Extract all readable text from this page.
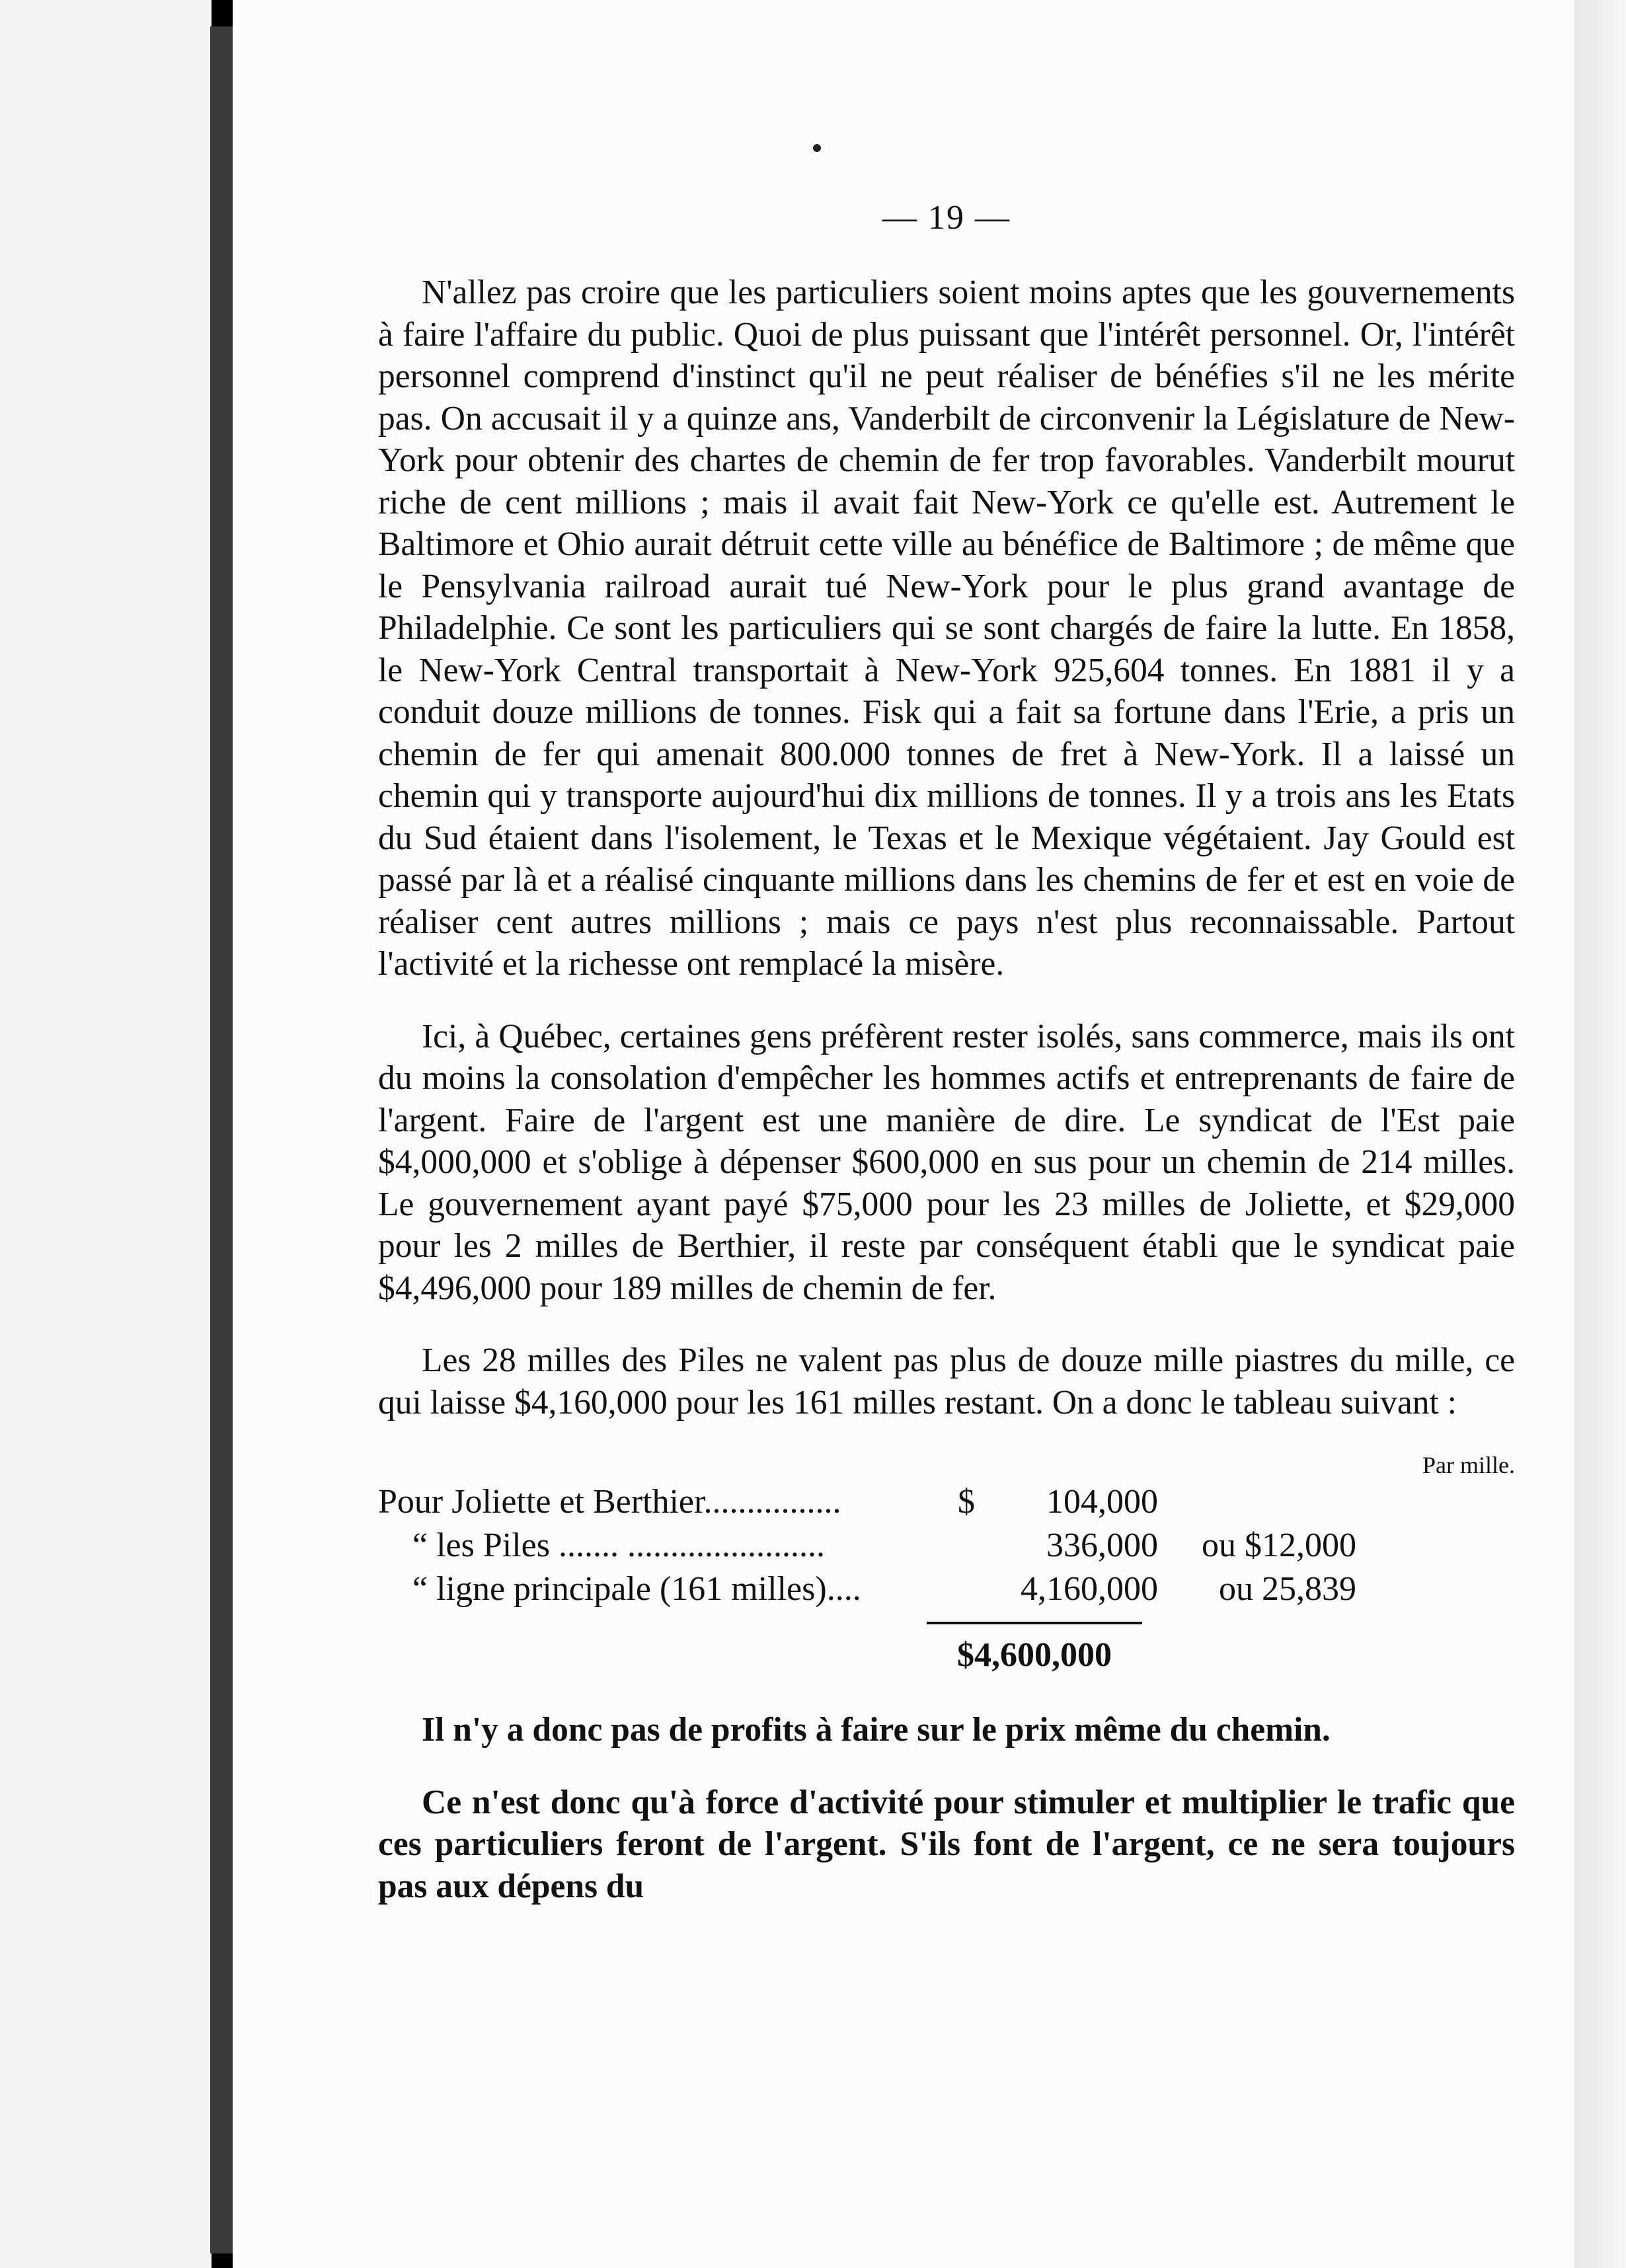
— 19 —

N'allez pas croire que les particuliers soient moins aptes que les gouvernements à faire l'affaire du public. Quoi de plus puissant que l'intérêt personnel. Or, l'intérêt personnel comprend d'instinct qu'il ne peut réaliser de bénéfies s'il ne les mérite pas. On accusait il y a quinze ans, Vanderbilt de circonvenir la Législature de New-York pour obtenir des chartes de chemin de fer trop favorables. Vanderbilt mourut riche de cent millions ; mais il avait fait New-York ce qu'elle est. Autrement le Baltimore et Ohio aurait détruit cette ville au bénéfice de Baltimore ; de même que le Pensylvania railroad aurait tué New-York pour le plus grand avantage de Philadelphie. Ce sont les particuliers qui se sont chargés de faire la lutte. En 1858, le New-York Central transportait à New-York 925,604 tonnes. En 1881 il y a conduit douze millions de tonnes. Fisk qui a fait sa fortune dans l'Erie, a pris un chemin de fer qui amenait 800.000 tonnes de fret à New-York. Il a laissé un chemin qui y transporte aujourd'hui dix millions de tonnes. Il y a trois ans les Etats du Sud étaient dans l'isolement, le Texas et le Mexique végétaient. Jay Gould est passé par là et a réalisé cinquante millions dans les chemins de fer et est en voie de réaliser cent autres millions ; mais ce pays n'est plus reconnaissable. Partout l'activité et la richesse ont remplacé la misère.

Ici, à Québec, certaines gens préfèrent rester isolés, sans commerce, mais ils ont du moins la consolation d'empêcher les hommes actifs et entreprenants de faire de l'argent. Faire de l'argent est une manière de dire. Le syndicat de l'Est paie $4,000,000 et s'oblige à dépenser $600,000 en sus pour un chemin de 214 milles. Le gouvernement ayant payé $75,000 pour les 23 milles de Joliette, et $29,000 pour les 2 milles de Berthier, il reste par conséquent établi que le syndicat paie $4,496,000 pour 189 milles de chemin de fer.

Les 28 milles des Piles ne valent pas plus de douze mille piastres du mille, ce qui laisse $4,160,000 pour les 161 milles restant. On a donc le tableau suivant :

Par mille.
Pour Joliette et Berthier................	$	104,000
“ les Piles ....... .......................	336,000	ou $12,000
“ ligne principale (161 milles)....	4,160,000	ou 25,839
$4,600,000

Il n'y a donc pas de profits à faire sur le prix même du chemin.

Ce n'est donc qu'à force d'activité pour stimuler et multiplier le trafic que ces particuliers feront de l'argent. S'ils font de l'argent, ce ne sera toujours pas aux dépens du
